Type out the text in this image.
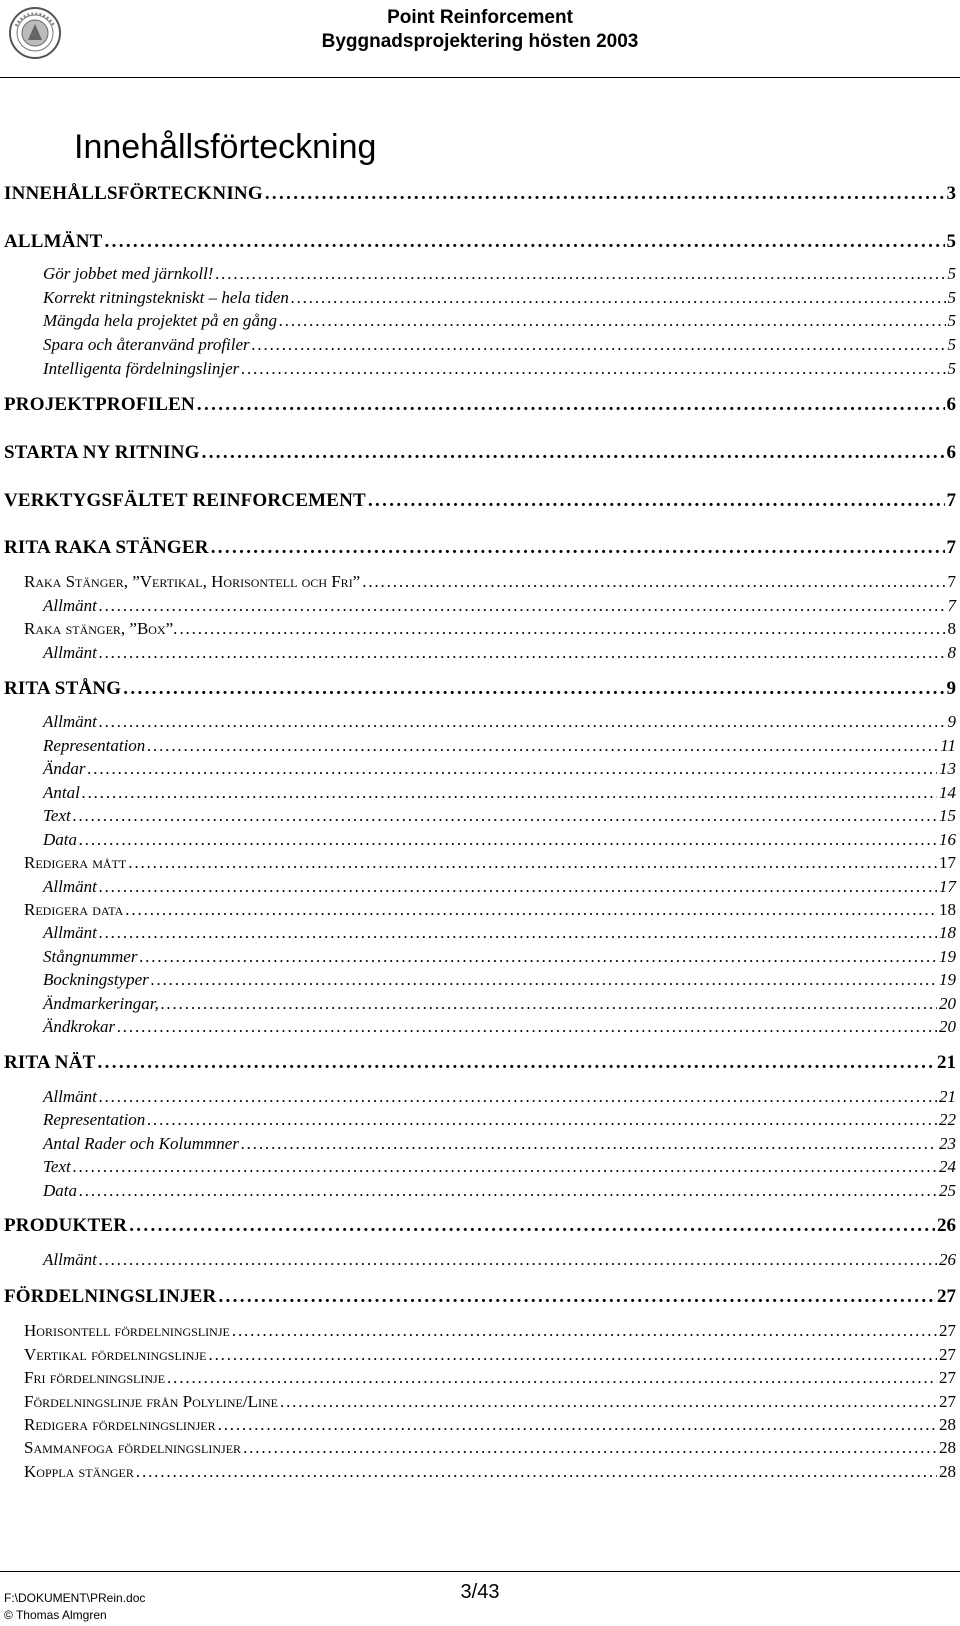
Point Reinforcement
Byggnadsprojektering hösten 2003
Innehållsförteckning
INNEHÅLLSFÖRTECKNING . . .	3
ALLMÄNT . . .	5
Gör jobbet med järnkoll! . . .	5
Korrekt ritningstekniskt – hela tiden . . .	5
Mängda hela projektet på en gång . . .	5
Spara och återanvänd profiler . . .	5
Intelligenta fördelningslinjer . . .	5
PROJEKTPROFILEN . . .	6
STARTA NY RITNING . . .	6
VERKTYGSFÄLTET REINFORCEMENT . . .	7
RITA RAKA STÄNGER . . .	7
Raka Stänger, ”Vertikal, Horisontell och Fri” . . .	7
Allmänt . . .	7
Raka stänger, ”Box”. . . .	8
Allmänt . . .	8
RITA STÅNG . . .	9
Allmänt . . .	9
Representation . . .	11
Ändar . . .	13
Antal . . .	14
Text . . .	15
Data . . .	16
Redigera mått . . .	17
Allmänt . . .	17
Redigera data . . .	18
Allmänt . . .	18
Stångnummer . . .	19
Bockningstyper . . .	19
Ändmarkeringar, . . .	20
Ändkrokar . . .	20
RITA NÄT . . .	21
Allmänt . . .	21
Representation . . .	22
Antal Rader och Kolummner . . .	23
Text . . .	24
Data . . .	25
PRODUKTER . . .	26
Allmänt . . .	26
FÖRDELNINGSLINJER . . .	27
Horisontell fördelningslinje . . .	27
Vertikal fördelningslinje . . .	27
Fri fördelningslinje . . .	27
Fördelningslinje från Polyline/Line . . .	27
Redigera fördelningslinjer . . .	28
Sammanfoga fördelningslinjer . . .	28
Koppla stänger . . .	28
F:\DOKUMENT\PRein.doc	3/43
© Thomas Almgren
